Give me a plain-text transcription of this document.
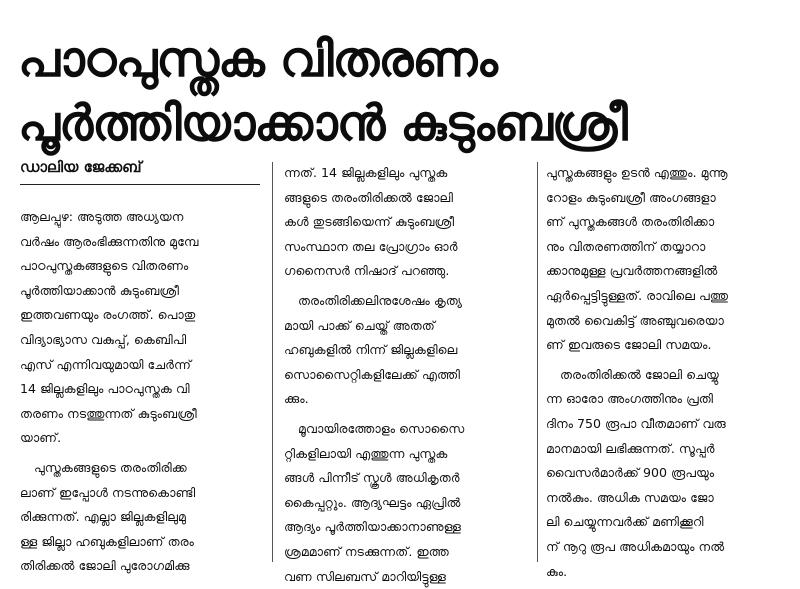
പാഠപുസ്തക വിതരണം
പൂർത്തിയാക്കാൻ കുടുംബശ്രീ
ഡാലിയ ജേക്കബ്

ആലപ്പുഴ: അടുത്ത അധ്യയന
വർഷം ആരംഭിക്കുന്നതിനു മുമ്പേ
പാഠപുസ്തകങ്ങളുടെ വിതരണം
പൂർത്തിയാക്കാൻ കുടുംബശ്രീ
ഇത്തവണയും രംഗത്ത്. പൊതു
വിദ്യാഭ്യാസ വകുപ്പ്, കെബിപി
എസ് എന്നിവയുമായി ചേർന്ന്
14 ജില്ലകളിലും പാഠപുസ്തക വി
തരണം നടത്തുന്നത് കുടുംബശ്രീ
യാണ്.

പുസ്തകങ്ങളുടെ തരംതിരിക്ക
ലാണ് ഇപ്പോൾ നടന്നുകൊണ്ടി
രിക്കുന്നത്. എല്ലാ ജില്ലകളിലുമു
ള്ള ജില്ലാ ഹബുകളിലാണ് തരം
തിരിക്കൽ ജോലി പുരോഗമിക്കു

ന്നത്. 14 ജില്ലകളിലും പുസ്തക
ങ്ങളുടെ തരംതിരിക്കൽ ജോലി
കൾ തുടങ്ങിയെന്ന് കുടുംബശ്രീ
സംസ്ഥാന തല പ്രോഗ്രാം ഓർ
ഗനൈസർ നിഷാദ് പറഞ്ഞു.

തരംതിരിക്കലിനുശേഷം കൃത്യ
മായി പാക്ക് ചെയ്ത് അതത്
ഹബുകളിൽ നിന്ന് ജില്ലകളിലെ
സൊസൈറ്റികളിലേക്ക് എത്തി
ക്കും.

മൂവായിരത്തോളം സൊസൈ
റ്റികളിലായി എത്തുന്ന പുസ്തക
ങ്ങൾ പിന്നീട് സ്കൂൾ അധികൃതർ
കൈപ്പറ്റും. ആദ്യഘട്ടം ഏപ്രിൽ
ആദ്യം പൂർത്തിയാക്കാനാണുള്ള
ശ്രമമാണ് നടക്കുന്നത്. ഇത്ത
വണ സിലബസ് മാറിയിട്ടുള്ള

പുസ്തകങ്ങളും ഉടൻ എത്തും. മുന്നൂ
റോളം കുടുംബശ്രീ അംഗങ്ങളാ
ണ് പുസ്തകങ്ങൾ തരംതിരിക്കാ
നും വിതരണത്തിന് തയ്യാറാ
ക്കാനുമുള്ള പ്രവർത്തനങ്ങളിൽ
ഏർപ്പെട്ടിട്ടുള്ളത്. രാവിലെ പത്തു
മുതൽ വൈകിട്ട് അഞ്ചുവരെയാ
ണ് ഇവരുടെ ജോലി സമയം.

തരംതിരിക്കൽ ജോലി ചെയ്യു
ന്ന ഓരോ അംഗത്തിനും പ്രതി
ദിനം 750 രൂപാ വീതമാണ് വരു
മാനമായി ലഭിക്കുന്നത്. സൂപ്പർ
വൈസർമാർക്ക് 900 രൂപയും
നൽകും. അധിക സമയം ജോ
ലി ചെയ്യുന്നവർക്ക് മണിക്കൂറി
ന് നൂറു രൂപ അധികമായും നൽ
കും.
